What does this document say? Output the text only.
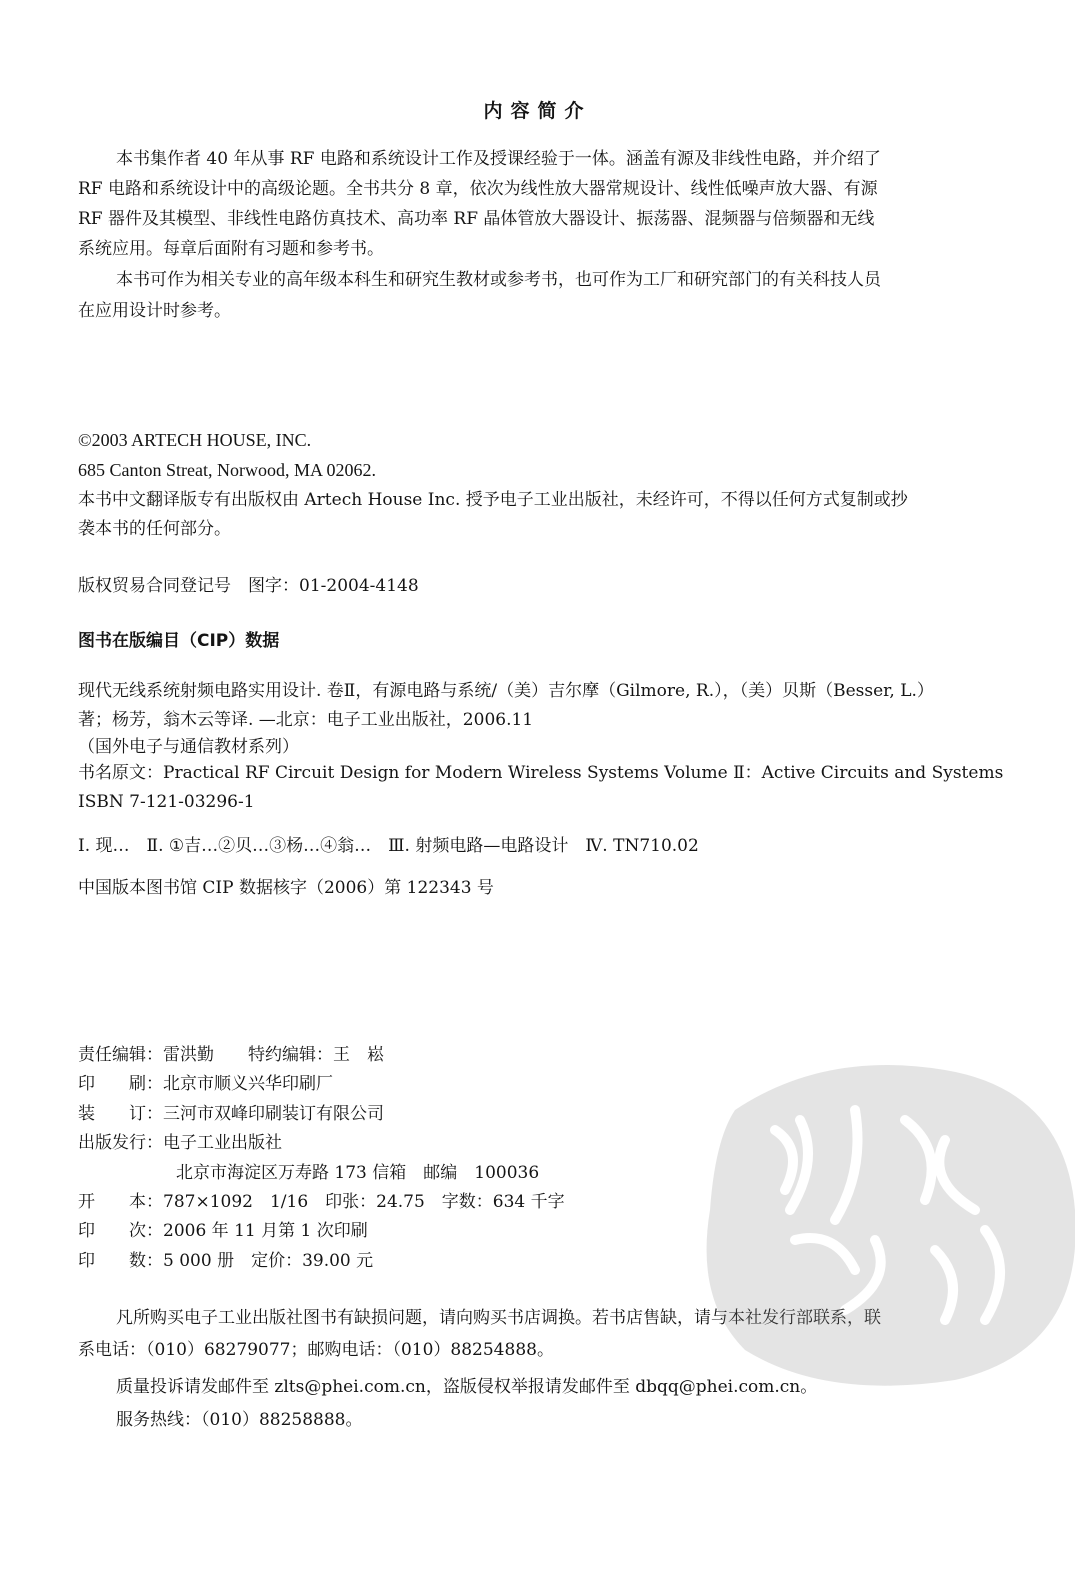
内容简介
本书集作者 40 年从事 RF 电路和系统设计工作及授课经验于一体。涵盖有源及非线性电路，并介绍了
RF 电路和系统设计中的高级论题。全书共分 8 章，依次为线性放大器常规设计、线性低噪声放大器、有源
RF 器件及其模型、非线性电路仿真技术、高功率 RF 晶体管放大器设计、振荡器、混频器与倍频器和无线
系统应用。每章后面附有习题和参考书。
本书可作为相关专业的高年级本科生和研究生教材或参考书，也可作为工厂和研究部门的有关科技人员
在应用设计时参考。
©2003 ARTECH HOUSE, INC.
685 Canton Streat, Norwood, MA 02062.
本书中文翻译版专有出版权由 Artech House Inc. 授予电子工业出版社，未经许可，不得以任何方式复制或抄
袭本书的任何部分。
版权贸易合同登记号　图字：01-2004-4148
图书在版编目（CIP）数据
现代无线系统射频电路实用设计. 卷Ⅱ，有源电路与系统/（美）吉尔摩（Gilmore, R.），（美）贝斯（Besser, L.）
著；杨芳，翁木云等译. —北京：电子工业出版社，2006.11
（国外电子与通信教材系列）
书名原文：Practical RF Circuit Design for Modern Wireless Systems Volume Ⅱ：Active Circuits and Systems
ISBN 7-121-03296-1
Ⅰ. 现…　Ⅱ. ①吉…②贝…③杨…④翁…　Ⅲ. 射频电路—电路设计　Ⅳ. TN710.02
中国版本图书馆 CIP 数据核字（2006）第 122343 号
责任编辑：雷洪勤　　特约编辑：王　崧
印　　刷：北京市顺义兴华印刷厂
装　　订：三河市双峰印刷装订有限公司
出版发行：电子工业出版社
北京市海淀区万寿路 173 信箱　邮编　100036
开　　本：787×1092　1/16　印张：24.75　字数：634 千字
印　　次：2006 年 11 月第 1 次印刷
印　　数：5 000 册　定价：39.00 元
凡所购买电子工业出版社图书有缺损问题，请向购买书店调换。若书店售缺，请与本社发行部联系，联
系电话：（010）68279077；邮购电话：（010）88254888。
质量投诉请发邮件至 zlts@phei.com.cn，盗版侵权举报请发邮件至 dbqq@phei.com.cn。
服务热线：（010）88258888。
